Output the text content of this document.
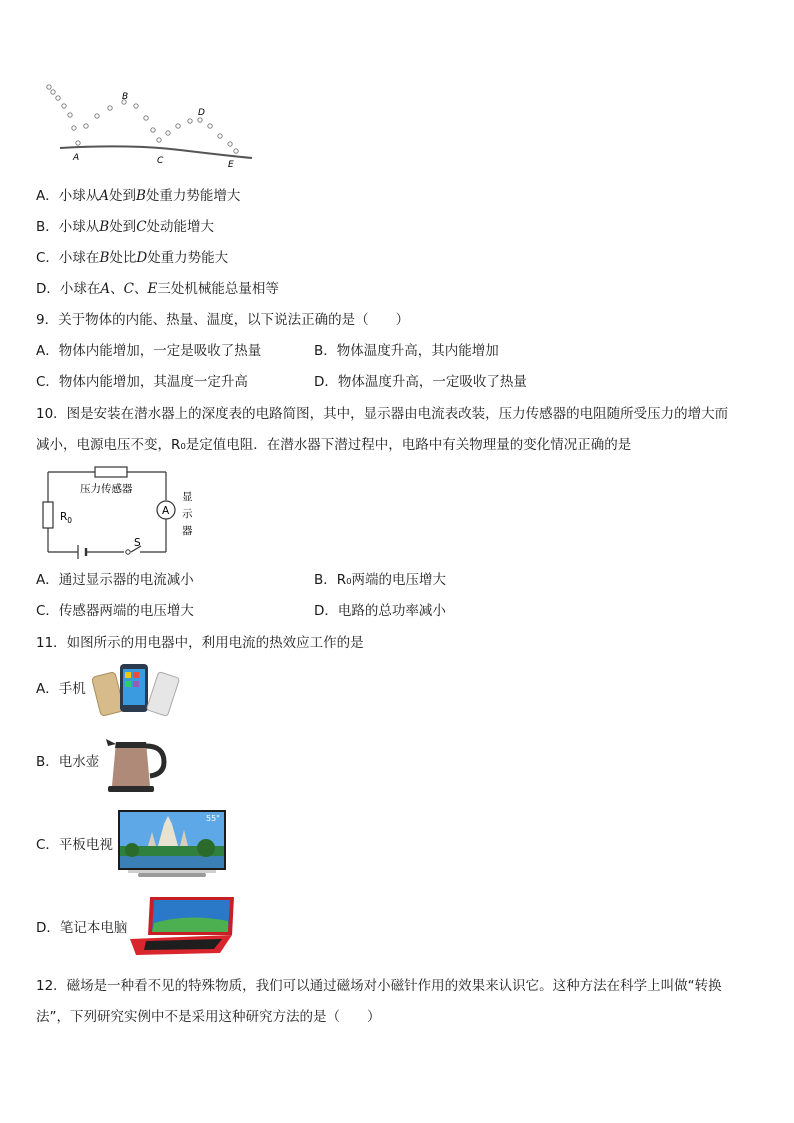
A
B
C
D
E
A．小球从A处到B处重力势能增大
B．小球从B处到C处动能增大
C．小球在B处比D处重力势能大
D．小球在A、C、E三处机械能总量相等
9．关于物体的内能、热量、温度，以下说法正确的是（　　）
A．物体内能增加，一定是吸收了热量	B．物体温度升高，其内能增加
C．物体内能增加，其温度一定升高	D．物体温度升高，一定吸收了热量
10．图是安装在潜水器上的深度表的电路简图，其中，显示器由电流表改装，压力传感器的电阻随所受压力的增大而
减小，电源电压不变，R₀是定值电阻．在潜水器下潜过程中，电路中有关物理量的变化情况正确的是
压力传感器
$R_0$
A
显
示
器
S
A．通过显示器的电流减小	B．R₀两端的电压增大
C．传感器两端的电压增大	D．电路的总功率减小
11．如图所示的用电器中，利用电流的热效应工作的是
A．手机
B．电水壶
C．平板电视
55"
D．笔记本电脑
12．磁场是一种看不见的特殊物质，我们可以通过磁场对小磁针作用的效果来认识它。这种方法在科学上叫做“转换
法”，下列研究实例中不是采用这种研究方法的是（　　）
